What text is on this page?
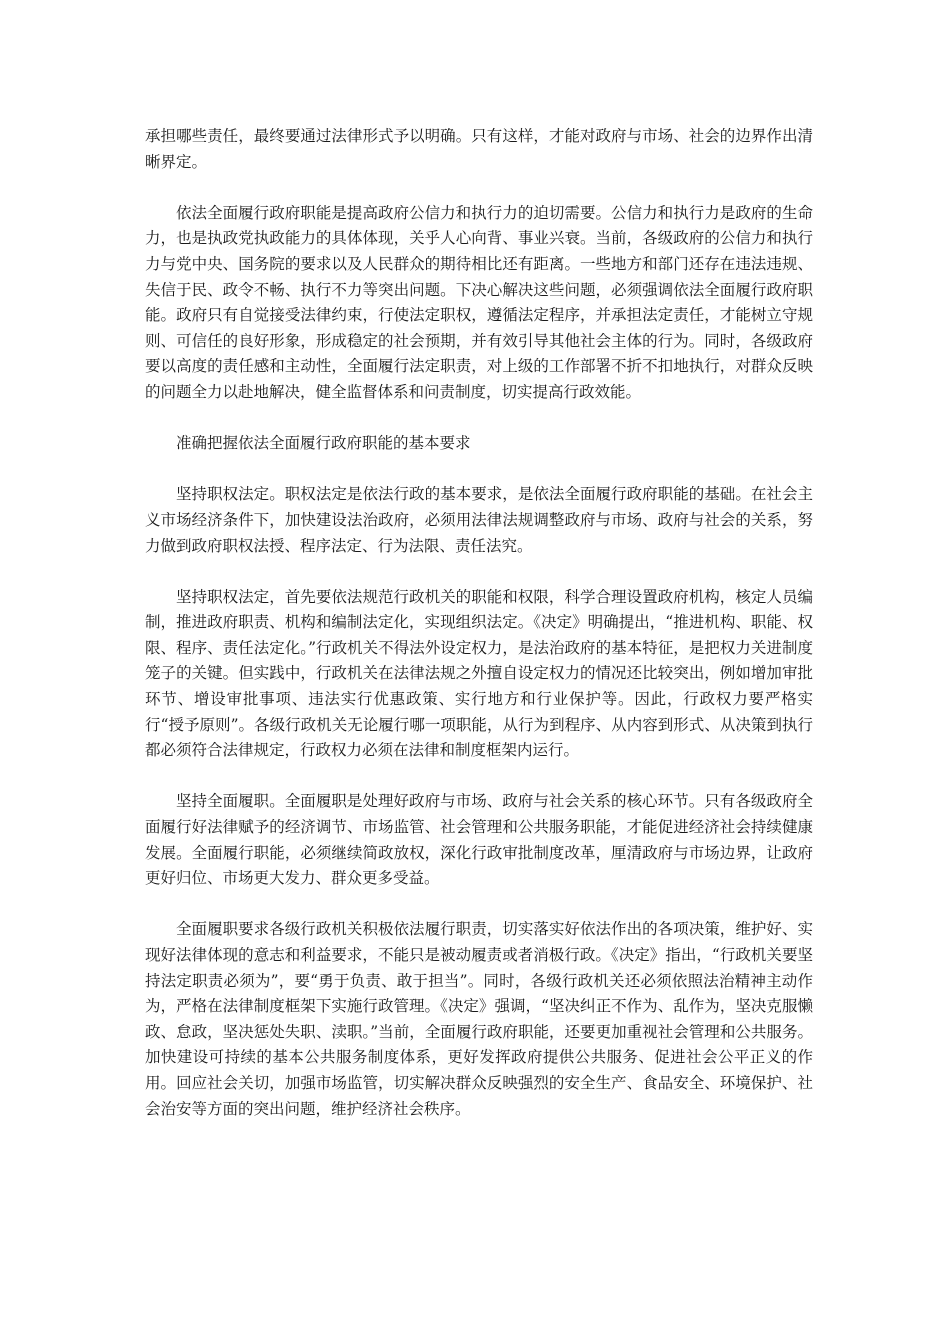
承担哪些责任，最终要通过法律形式予以明确。只有这样，才能对政府与市场、社会的边界作出清晰界定。

依法全面履行政府职能是提高政府公信力和执行力的迫切需要。公信力和执行力是政府的生命力，也是执政党执政能力的具体体现，关乎人心向背、事业兴衰。当前，各级政府的公信力和执行力与党中央、国务院的要求以及人民群众的期待相比还有距离。一些地方和部门还存在违法违规、失信于民、政令不畅、执行不力等突出问题。下决心解决这些问题，必须强调依法全面履行政府职能。政府只有自觉接受法律约束，行使法定职权，遵循法定程序，并承担法定责任，才能树立守规则、可信任的良好形象，形成稳定的社会预期，并有效引导其他社会主体的行为。同时，各级政府要以高度的责任感和主动性，全面履行法定职责，对上级的工作部署不折不扣地执行，对群众反映的问题全力以赴地解决，健全监督体系和问责制度，切实提高行政效能。

准确把握依法全面履行政府职能的基本要求

坚持职权法定。职权法定是依法行政的基本要求，是依法全面履行政府职能的基础。在社会主义市场经济条件下，加快建设法治政府，必须用法律法规调整政府与市场、政府与社会的关系，努力做到政府职权法授、程序法定、行为法限、责任法究。

坚持职权法定，首先要依法规范行政机关的职能和权限，科学合理设置政府机构，核定人员编制，推进政府职责、机构和编制法定化，实现组织法定。《决定》明确提出，“推进机构、职能、权限、程序、责任法定化。”行政机关不得法外设定权力，是法治政府的基本特征，是把权力关进制度笼子的关键。但实践中，行政机关在法律法规之外擅自设定权力的情况还比较突出，例如增加审批环节、增设审批事项、违法实行优惠政策、实行地方和行业保护等。因此，行政权力要严格实行“授予原则”。各级行政机关无论履行哪一项职能，从行为到程序、从内容到形式、从决策到执行都必须符合法律规定，行政权力必须在法律和制度框架内运行。

坚持全面履职。全面履职是处理好政府与市场、政府与社会关系的核心环节。只有各级政府全面履行好法律赋予的经济调节、市场监管、社会管理和公共服务职能，才能促进经济社会持续健康发展。全面履行职能，必须继续简政放权，深化行政审批制度改革，厘清政府与市场边界，让政府更好归位、市场更大发力、群众更多受益。

全面履职要求各级行政机关积极依法履行职责，切实落实好依法作出的各项决策，维护好、实现好法律体现的意志和利益要求，不能只是被动履责或者消极行政。《决定》指出，“行政机关要坚持法定职责必须为”，要“勇于负责、敢于担当”。同时，各级行政机关还必须依照法治精神主动作为，严格在法律制度框架下实施行政管理。《决定》强调，“坚决纠正不作为、乱作为，坚决克服懒政、怠政，坚决惩处失职、渎职。”当前，全面履行政府职能，还要更加重视社会管理和公共服务。加快建设可持续的基本公共服务制度体系，更好发挥政府提供公共服务、促进社会公平正义的作用。回应社会关切，加强市场监管，切实解决群众反映强烈的安全生产、食品安全、环境保护、社会治安等方面的突出问题，维护经济社会秩序。
